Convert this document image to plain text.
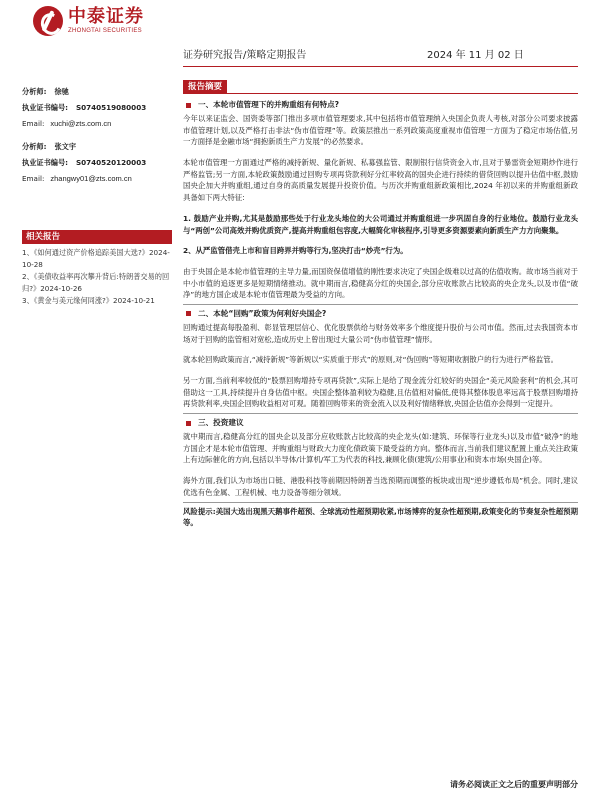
中泰证券
ZHONGTAI SECURITIES
证券研究报告/策略定期报告	2024 年 11 月 02 日
分析师: 徐驰
执业证书编号: S0740519080003
Email: xuchi@zts.com.cn
分析师: 张文宇
执业证书编号: S0740520120003
Email: zhangwy01@zts.com.cn
相关报告
1、《如何通过资产价格追踪美国大选?》2024-10-28
2、《美债收益率再次攀升背后:特朗普交易的回归?》2024-10-26
3、《黄金与美元缘何同涨?》2024-10-21
报告摘要
一、本轮市值管理下的并购重组有何特点?

今年以来证监会、国资委等部门推出多项市值管理要求,其中包括将市值管理纳入央国企负责人考核,对部分公司要求披露市值管理计划,以及严格打击非法“伪市值管理”等。政策层推出一系列政策高度重视市值管理一方面为了稳定市场估值,另一方面择是金融市场“拥抱新质生产力发展”的必然要求。

本轮市值管理一方面通过严格的减持新规、量化新规、私募强监管、限制银行信贷资金入市,且对于暴雷资金短期炒作进行严格监管;另一方面,本轮政策鼓励通过回购专项再贷款利好分红率较高的国央企进行持续的借贷回购以提升估值中枢,鼓励国央企加大并购重组,通过自身的高质量发展提升投资价值。与历次并购重组新政策相比,2024 年初以来的并购重组新政具备如下两大特征:

1. 鼓励产业并购,尤其是鼓励那些处于行业龙头地位的大公司通过并购重组进一步巩固自身的行业地位。鼓励行业龙头与“两创”公司高效并购优质资产,提高并购重组包容度,大幅简化审核程序,引导更多资源要素向新质生产力方向聚集。

2、从严监管借壳上市和盲目跨界并购等行为,坚决打击“炒壳”行为。

由于央国企是本轮市值管理的主导力量,而国资保值增值的刚性要求决定了央国企级难以过高的估值收购。故市场当前对于中小市值的追逐更多是短期情绪推动。就中期而言,稳健高分红的央国企,部分应收账款占比较高的央企龙头,以及市值“破净”的地方国企或是本轮市值管理最为受益的方向。

二、本轮“回购”政策为何利好央国企?

回购通过提高每股盈利、彰显管理层信心、优化股票供给与财务效率多个维度提升股价与公司市值。然而,过去我国资本市场对于回购的监管相对宽松,造成历史上曾出现过大量公司“伪市值管理”情形。

就本轮回购政策而言,“减持新规”等新规以“实质重于形式”的原则,对“伪回购”等短期收割散户的行为进行严格监管。

另一方面,当前利率较低的“股票回购增持专项再贷款”,实际上是给了现金流分红较好的央国企“美元风险套利”的机会,其可借助这一工具,持续提升自身估值中枢。央国企整体盈利较为稳健,且估值相对偏低,使得其整体股息率远高于股票回购增持再贷款利率,央国企回购收益相对可观。随着回购带来的资金流入以及利好情绪释放,央国企估值亦会得到一定提升。

三、投资建议

就中期而言,稳健高分红的国央企以及部分应收账款占比较高的央企龙头(如:建筑、环保等行业龙头)以及市值“破净”的地方国企才是本轮市值管理、并购重组与财政大力度化债政策下最受益的方向。整体而言,当前我们建议配置上重点关注政策上有边际催化的方向,包括以半导体/计算机/军工为代表的科技,兼顾化债(建筑/公用事业)和资本市场(央国企)等。

海外方面,我们认为市场出口链、港股科技等前期因特朗普当选预期而调整的板块或出现“逆步遵低布局”机会。同时,建议优选有色金属、工程机械、电力设备等细分领域。

风险提示:美国大选出现黑天鹅事件超预、全球流动性超预期收紧,市场博弈的复杂性超预期,政策变化的节奏复杂性超预期等。

请务必阅读正文之后的重要声明部分
